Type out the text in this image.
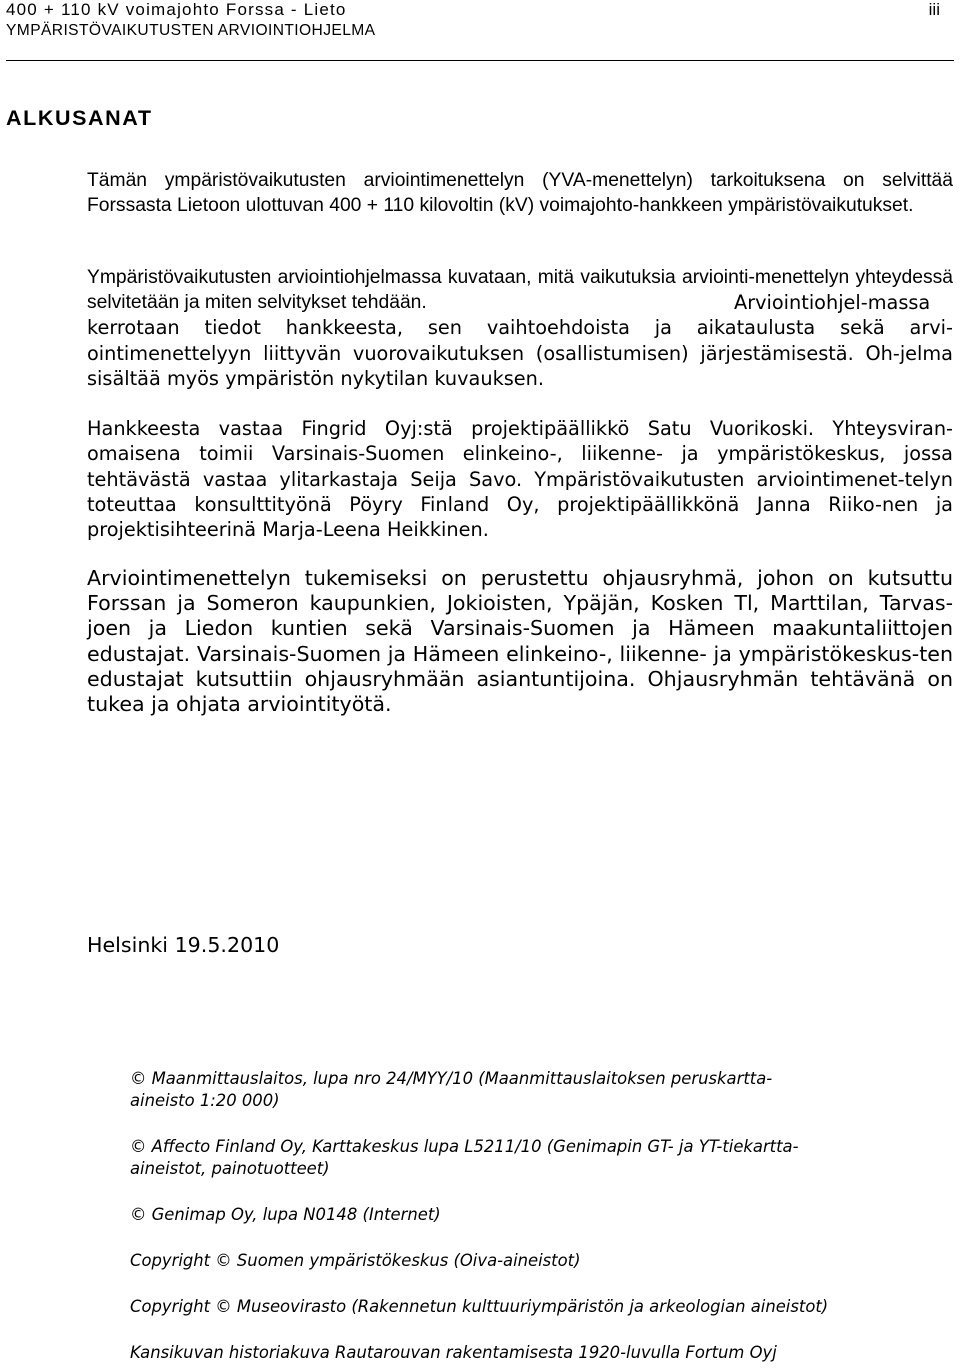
400 + 110 kV voimajohto Forssa - Lieto
YMPÄRISTÖVAIKUTUSTEN ARVIOINTIOHJELMA
iii
ALKUSANAT

Tämän ympäristövaikutusten arviointimenettelyn (YVA-menettelyn) tarkoituksena on selvittää Forssasta Lietoon ulottuvan 400 + 110 kilovoltin (kV) voimajohto-hankkeen ympäristövaikutukset.

Ympäristövaikutusten arviointiohjelmassa kuvataan, mitä vaikutuksia arviointi-menettelyn yhteydessä selvitetään ja miten selvitykset tehdään.	Arviointiohjel-massa kerrotaan tiedot hankkeesta, sen vaihtoehdoista ja aikataulusta sekä arvi-ointimenettelyyn liittyvän vuorovaikutuksen (osallistumisen) järjestämisestä. Oh-jelma sisältää myös ympäristön nykytilan kuvauksen.

Hankkeesta vastaa Fingrid Oyj:stä projektipäällikkö Satu Vuorikoski. Yhteysviran-omaisena toimii Varsinais-Suomen elinkeino-, liikenne- ja ympäristökeskus, jossa tehtävästä vastaa ylitarkastaja Seija Savo. Ympäristövaikutusten arviointimenet-telyn toteuttaa konsulttityönä Pöyry Finland Oy, projektipäällikkönä Janna Riiko-nen ja projektisihteerinä Marja-Leena Heikkinen.

Arviointimenettelyn tukemiseksi on perustettu ohjausryhmä, johon on kutsuttu Forssan ja Someron kaupunkien, Jokioisten, Ypäjän, Kosken Tl, Marttilan, Tarvas-joen ja Liedon kuntien sekä Varsinais-Suomen ja Hämeen maakuntaliittojen edustajat. Varsinais-Suomen ja Hämeen elinkeino-, liikenne- ja ympäristökeskus-ten edustajat kutsuttiin ohjausryhmään asiantuntijoina. Ohjausryhmän tehtävänä on tukea ja ohjata arviointityötä.

Helsinki 19.5.2010

© Maanmittauslaitos, lupa nro 24/MYY/10 (Maanmittauslaitoksen peruskartta-
aineisto 1:20 000)

© Affecto Finland Oy, Karttakeskus lupa L5211/10 (Genimapin GT- ja YT-tiekartta-
aineistot, painotuotteet)

© Genimap Oy, lupa N0148 (Internet)

Copyright © Suomen ympäristökeskus (Oiva-aineistot)

Copyright © Museovirasto (Rakennetun kulttuuriympäristön ja arkeologian aineistot)

Kansikuvan historiakuva Rautarouvan rakentamisesta 1920-luvulla Fortum Oyj
